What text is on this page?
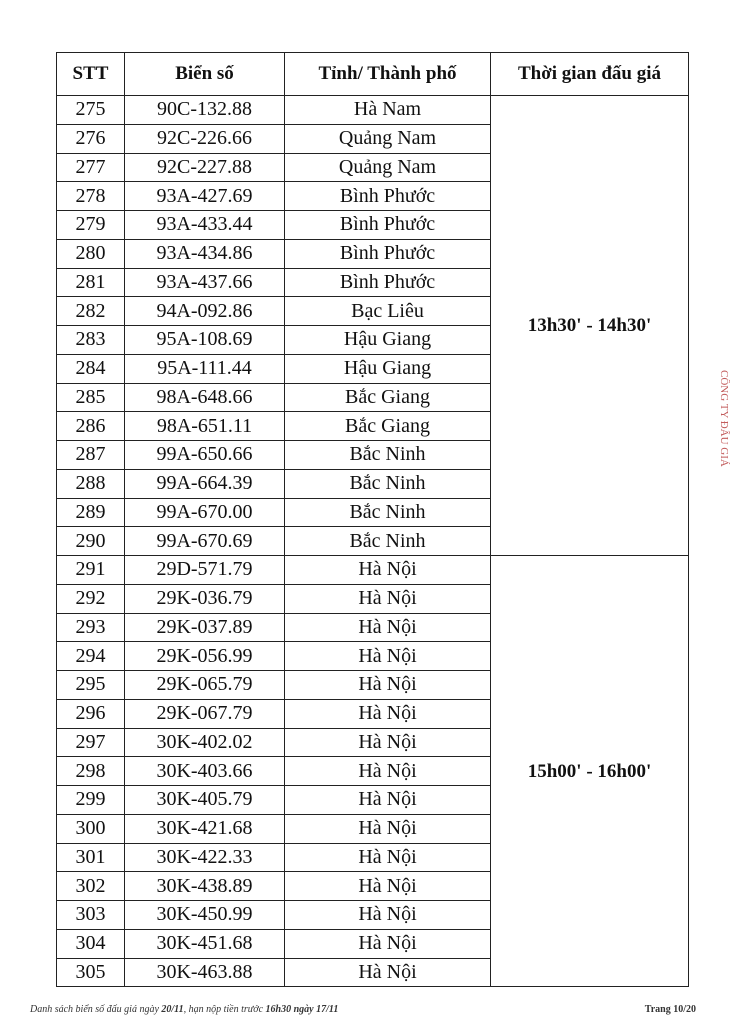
STT	Biển số	Tỉnh/ Thành phố	Thời gian đấu giá
275	90C-132.88	Hà Nam	13h30' - 14h30'
276	92C-226.66	Quảng Nam	
277	92C-227.88	Quảng Nam	
278	93A-427.69	Bình Phước	
279	93A-433.44	Bình Phước	
280	93A-434.86	Bình Phước	
281	93A-437.66	Bình Phước	
282	94A-092.86	Bạc Liêu	
283	95A-108.69	Hậu Giang	
284	95A-111.44	Hậu Giang	
285	98A-648.66	Bắc Giang	
286	98A-651.11	Bắc Giang	
287	99A-650.66	Bắc Ninh	
288	99A-664.39	Bắc Ninh	
289	99A-670.00	Bắc Ninh	
290	99A-670.69	Bắc Ninh	
291	29D-571.79	Hà Nội	15h00' - 16h00'
292	29K-036.79	Hà Nội	
293	29K-037.89	Hà Nội	
294	29K-056.99	Hà Nội	
295	29K-065.79	Hà Nội	
296	29K-067.79	Hà Nội	
297	30K-402.02	Hà Nội	
298	30K-403.66	Hà Nội	
299	30K-405.79	Hà Nội	
300	30K-421.68	Hà Nội	
301	30K-422.33	Hà Nội	
302	30K-438.89	Hà Nội	
303	30K-450.99	Hà Nội	
304	30K-451.68	Hà Nội	
305	30K-463.88	Hà Nội	
CÔNG TY ĐẤU GIÁ
Danh sách biển số đấu giá ngày 20/11, hạn nộp tiền trước 16h30 ngày 17/11	Trang 10/20
